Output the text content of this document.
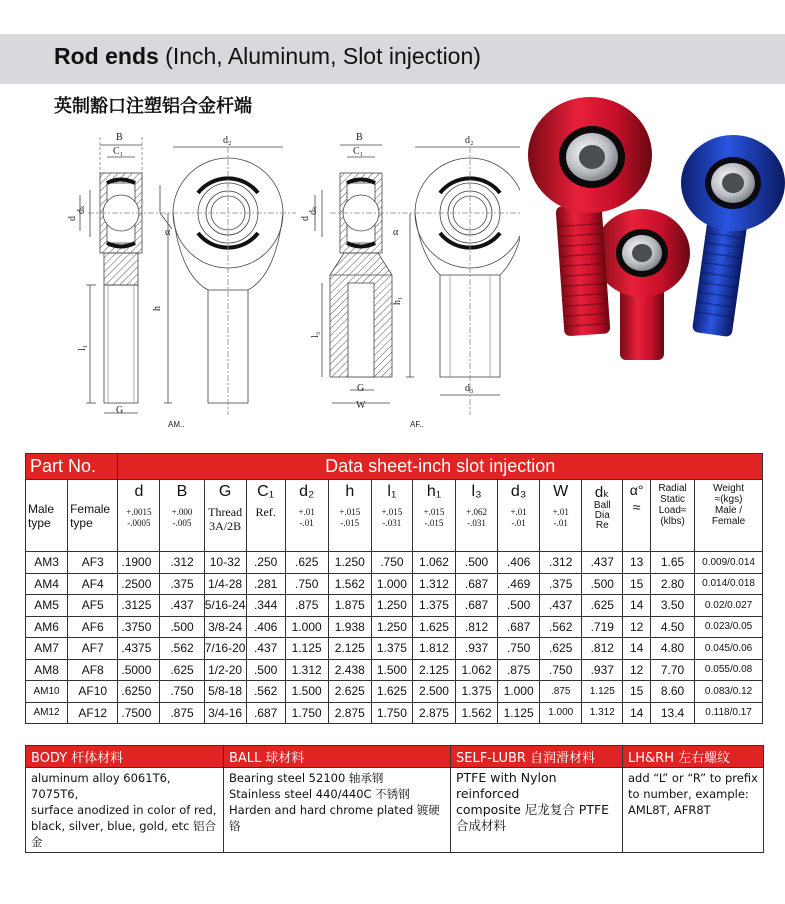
Rod ends (Inch, Aluminum, Slot injection)
英制豁口注塑铝合金杆端
B
C₁
d
dₖ
α
l₁
G
AM..
d₂
h
B
C₁
d
dₖ
α
l₃
G
W
AF..
d₂
h₁
d₃
Part No.		Data sheet-inch slot injection														

Male
type	Female
type	d
+.0015
-.0005	B
+.000
-.005	G
Thread
3A/2B	C₁
Ref.	d₂
+.01
-.01	h
+.015
-.015	l₁
+.015
-.031	h₁
+.015
-.015	l₃
+.062
-.031	d₃
+.01
-.01	W
+.01
-.01	dₖ
Ball
Dia
Re	α°
≈	Radial
Static
Load≈
(klbs)	Weight
≈(kgs)
Male /
Female

AM3	AF3	.1900	.312	10-32	.250	.625	1.250	.750	1.062	.500	.406	.312	.437	13	1.65	0.009/0.014
AM4	AF4	.2500	.375	1/4-28	.281	.750	1.562	1.000	1.312	.687	.469	.375	.500	15	2.80	0.014/0.018
AM5	AF5	.3125	.437	5/16-24	.344	.875	1.875	1.250	1.375	.687	.500	.437	.625	14	3.50	0.02/0.027
AM6	AF6	.3750	.500	3/8-24	.406	1.000	1.938	1.250	1.625	.812	.687	.562	.719	12	4.50	0.023/0.05
AM7	AF7	.4375	.562	7/16-20	.437	1.125	2.125	1.375	1.812	.937	.750	.625	.812	14	4.80	0.045/0.06
AM8	AF8	.5000	.625	1/2-20	.500	1.312	2.438	1.500	2.125	1.062	.875	.750	.937	12	7.70	0.055/0.08
AM10	AF10	.6250	.750	5/8-18	.562	1.500	2.625	1.625	2.500	1.375	1.000	.875	1.125	15	8.60	0.083/0.12
AM12	AF12	.7500	.875	3/4-16	.687	1.750	2.875	1.750	2.875	1.562	1.125	1.000	1.312	14	13.4	0.118/0.17
BODY 杆体材料	BALL 球材料	SELF-LUBR 自润滑材料	LH&RH 左右螺纹
aluminum alloy 6061T6, 7075T6,
surface anodized in color of red,
black, silver, blue, gold, etc 铝合金	Bearing steel 52100 轴承钢
Stainless steel 440/440C 不锈钢
Harden and hard chrome plated 镀硬铬	PTFE with Nylon reinforced
composite 尼龙复合 PTFE
合成材料	add “L” or “R” to prefix
to number, example:
AML8T, AFR8T
